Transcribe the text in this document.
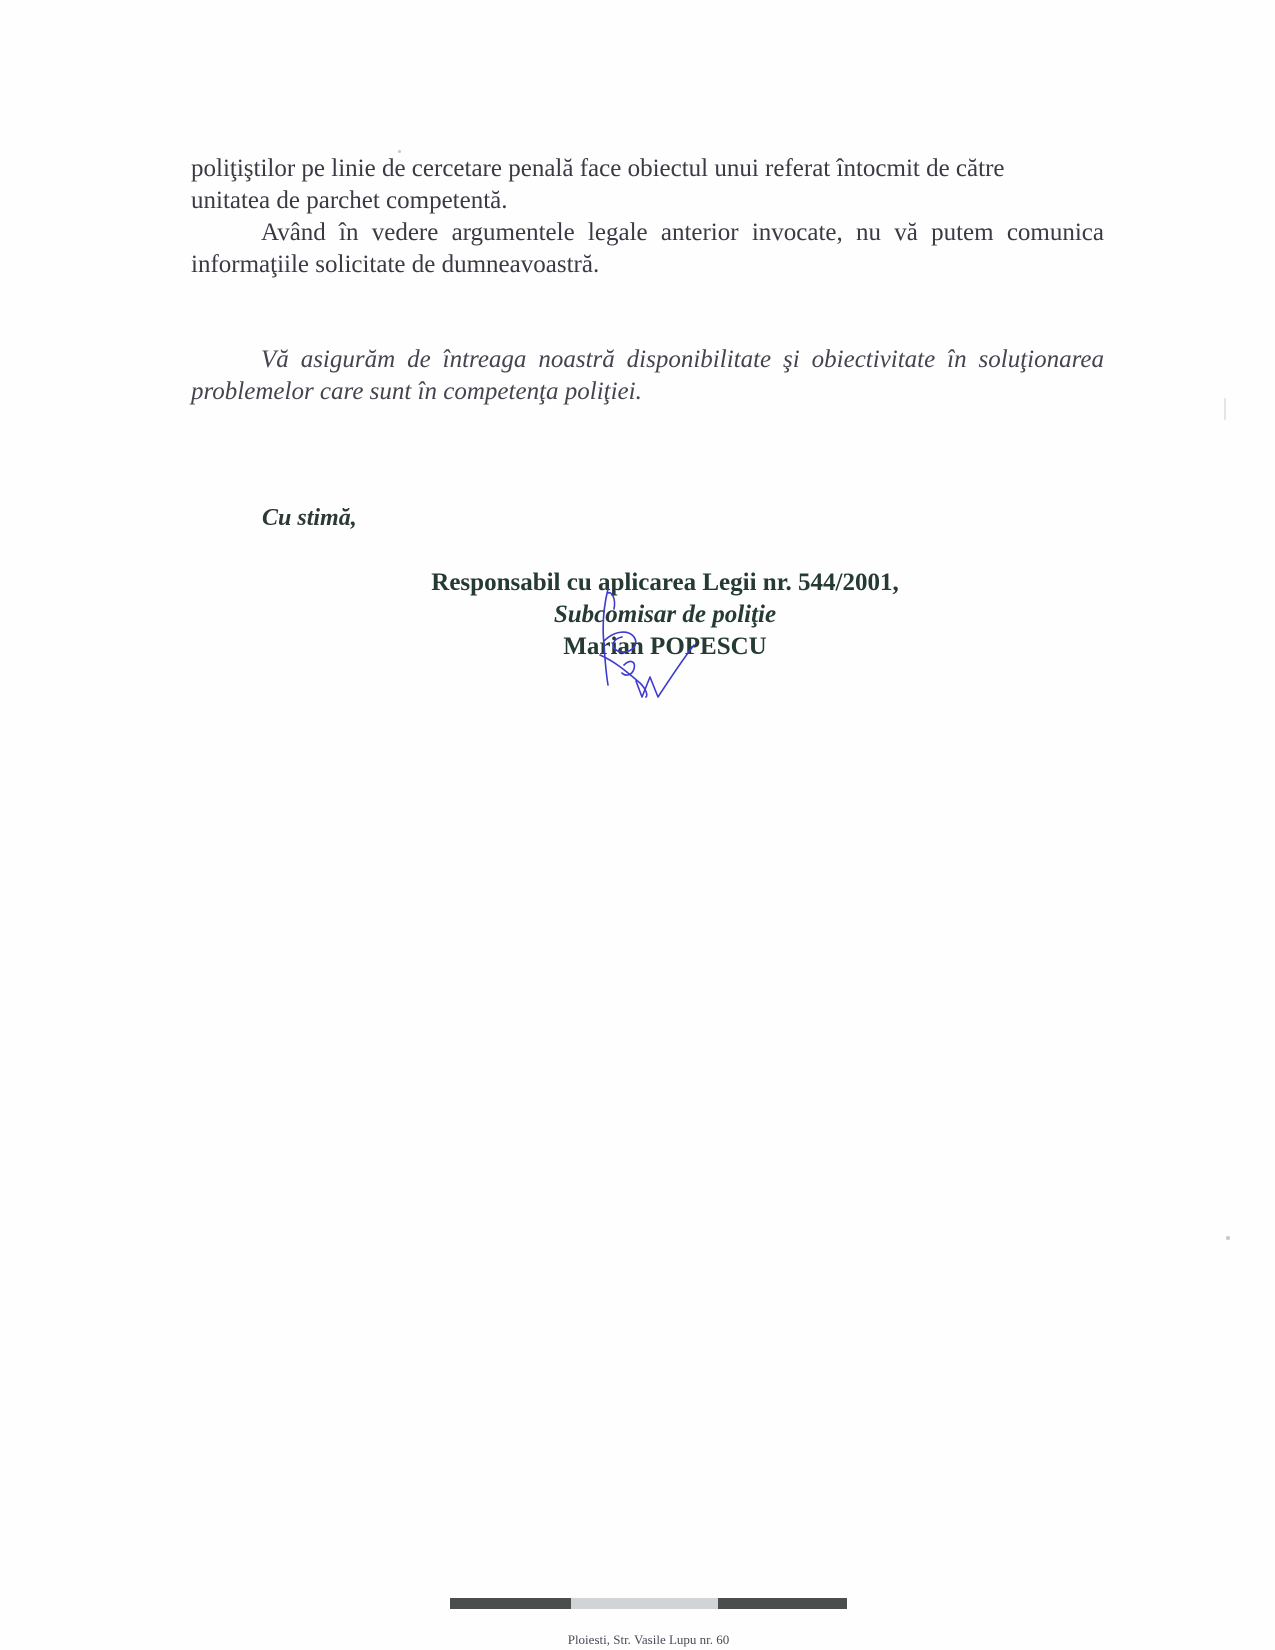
poliţiştilor pe linie de cercetare penală face obiectul unui referat întocmit de către
unitatea de parchet competentă.
Având în vedere argumentele legale anterior invocate, nu vă putem comunica informaţiile solicitate de dumneavoastră.
Vă asigurăm de întreaga noastră disponibilitate şi obiectivitate în soluţionarea problemelor care sunt în competenţa poliţiei.
Cu stimă,
Responsabil cu aplicarea Legii nr. 544/2001,
Subcomisar de poliţie
Marian POPESCU
Ploiesti, Str. Vasile Lupu nr. 60
